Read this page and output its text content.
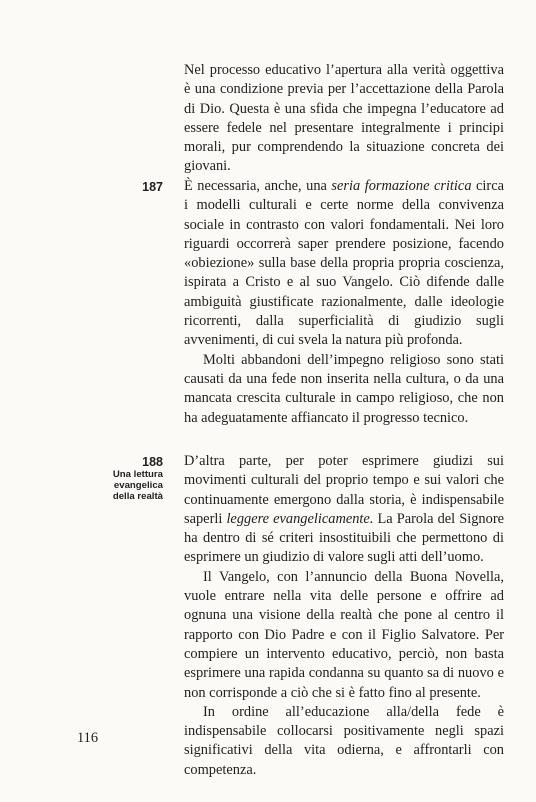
Nel processo educativo l’apertura alla verità oggettiva è una condizione previa per l’accettazione della Parola di Dio. Questa è una sfida che impegna l’educatore ad essere fedele nel presentare integralmente i principi morali, pur comprendendo la situazione concreta dei giovani.

187 È necessaria, anche, una seria formazione critica circa i modelli culturali e certe norme della convivenza sociale in contrasto con valori fondamentali. Nei loro riguardi occorrerà saper prendere posizione, facendo «obiezione» sulla base della propria propria coscienza, ispirata a Cristo e al suo Vangelo. Ciò difende dalle ambiguità giustificate razionalmente, dalle ideologie ricorrenti, dalla superficialità di giudizio sugli avvenimenti, di cui svela la natura più profonda.

Molti abbandoni dell’impegno religioso sono stati causati da una fede non inserita nella cultura, o da una mancata crescita culturale in campo religioso, che non ha adeguatamente affiancato il progresso tecnico.

188
Una lettura
evangelica
della realtà

D’altra parte, per poter esprimere giudizi sui movimenti culturali del proprio tempo e sui valori che continuamente emergono dalla storia, è indispensabile saperli leggere evangelicamente. La Parola del Signore ha dentro di sé criteri insostituibili che permettono di esprimere un giudizio di valore sugli atti dell’uomo.

Il Vangelo, con l’annuncio della Buona Novella, vuole entrare nella vita delle persone e offrire ad ognuna una visione della realtà che pone al centro il rapporto con Dio Padre e con il Figlio Salvatore. Per compiere un intervento educativo, perciò, non basta esprimere una rapida condanna su quanto sa di nuovo e non corrisponde a ciò che si è fatto fino al presente.

In ordine all’educazione alla/della fede è indispensabile collocarsi positivamente negli spazi significativi della vita odierna, e affrontarli con competenza.

116
